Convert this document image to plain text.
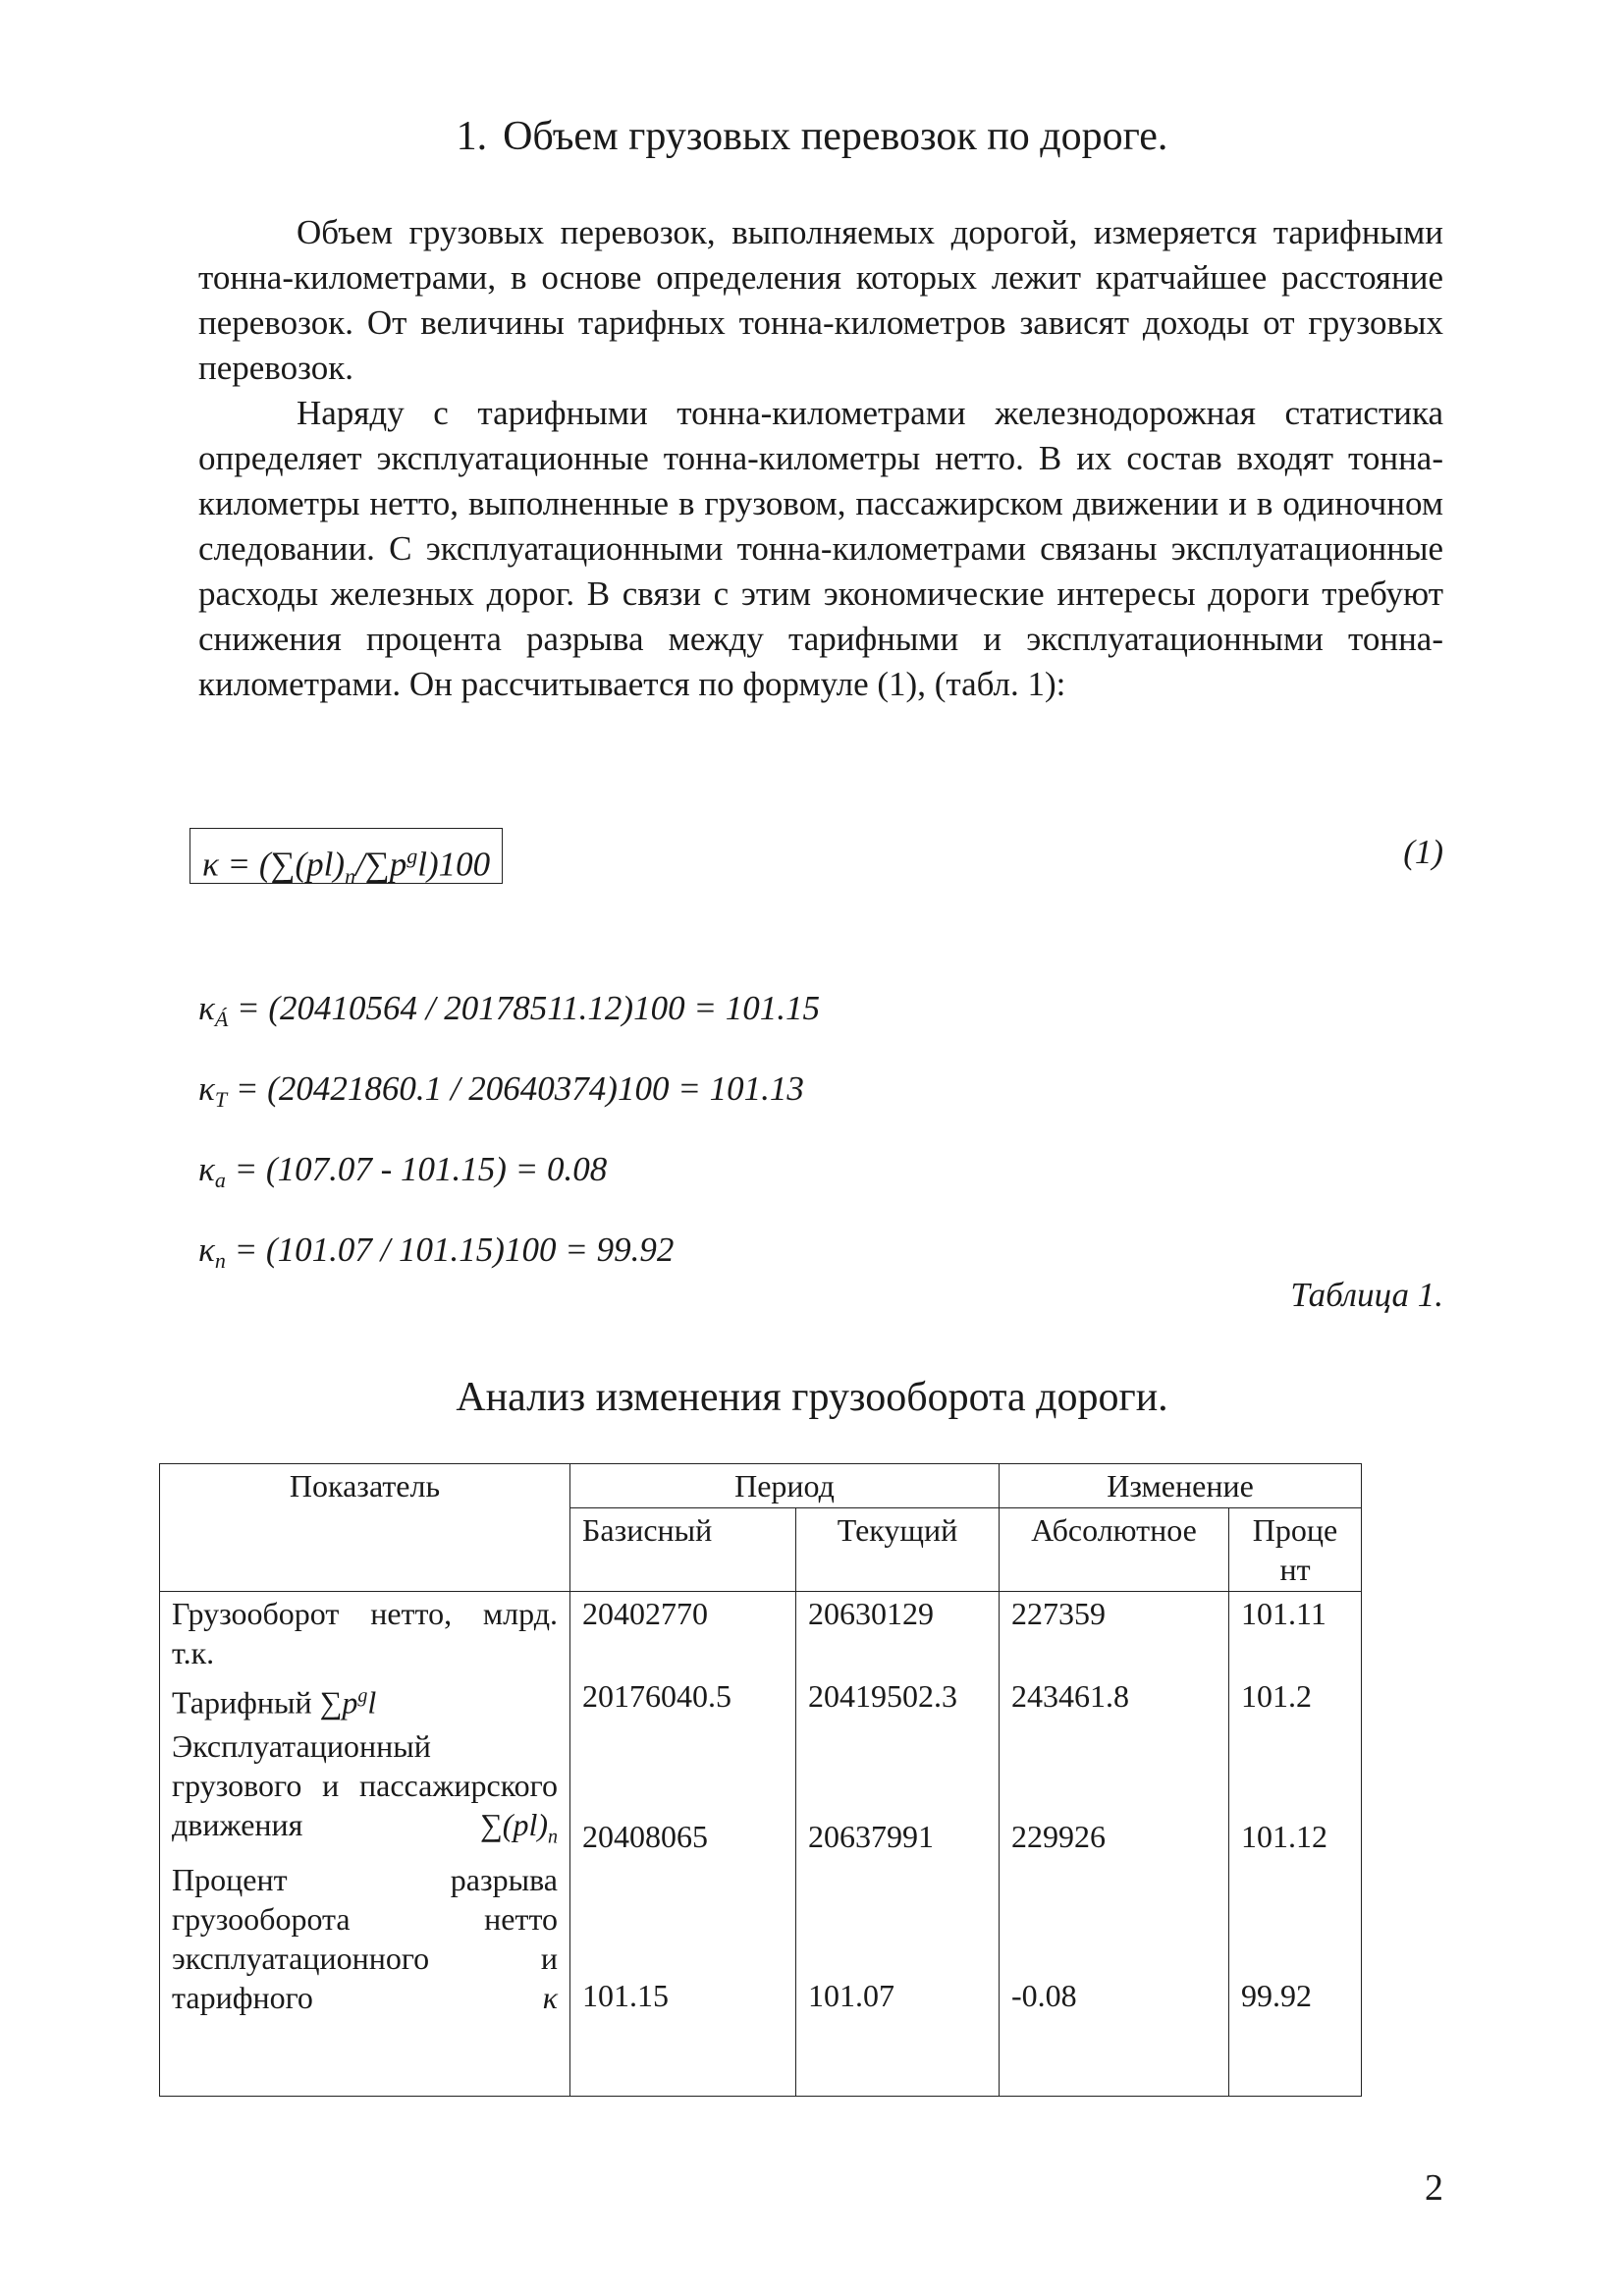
1. Объем грузовых перевозок по дороге.
Объем грузовых перевозок, выполняемых дорогой, измеряется тарифными тонна-километрами, в основе определения которых лежит кратчайшее расстояние перевозок. От величины тарифных тонна-километров зависят доходы от грузовых перевозок.
Наряду с тарифными тонна-километрами железнодорожная статистика определяет эксплуатационные тонна-километры нетто. В их состав входят тонна-километры нетто, выполненные в грузовом, пассажирском движении и в одиночном следовании. С эксплуатационными тонна-километрами связаны эксплуатационные расходы железных дорог. В связи с этим экономические интересы дороги требуют снижения процента разрыва между тарифными и эксплуатационными тонна-километрами. Он рассчитывается по формуле (1), (табл. 1):
$\kappa = (\sum(pl)_n/\sum p^gl)100$	(1)
$\kappa_Á = (20410564 / 20178511.12)100 = 101.15$
$\kappa_T = (20421860.1 / 20640374)100 = 101.13$
$\kappa_a = (107.07 - 101.15) = 0.08$
$\kappa_n = (101.07 / 101.15)100 = 99.92$
Таблица 1.
Анализ изменения грузооборота дороги.
Показатель	Период		Изменение	
	Базисный	Текущий	Абсолютное	Проце нт
Грузооборот нетто, млрд. т.к.	20402770	20630129	227359	101.11
Тарифный $\sum p^gl$	20176040.5	20419502.3	243461.8	101.2
Эксплуатационный грузового и пассажирского движения $\sum(pl)_n$	20408065	20637991	229926	101.12
Процент разрыва грузооборота нетто эксплуатационного и тарифного κ	101.15	101.07	-0.08	99.92
2
